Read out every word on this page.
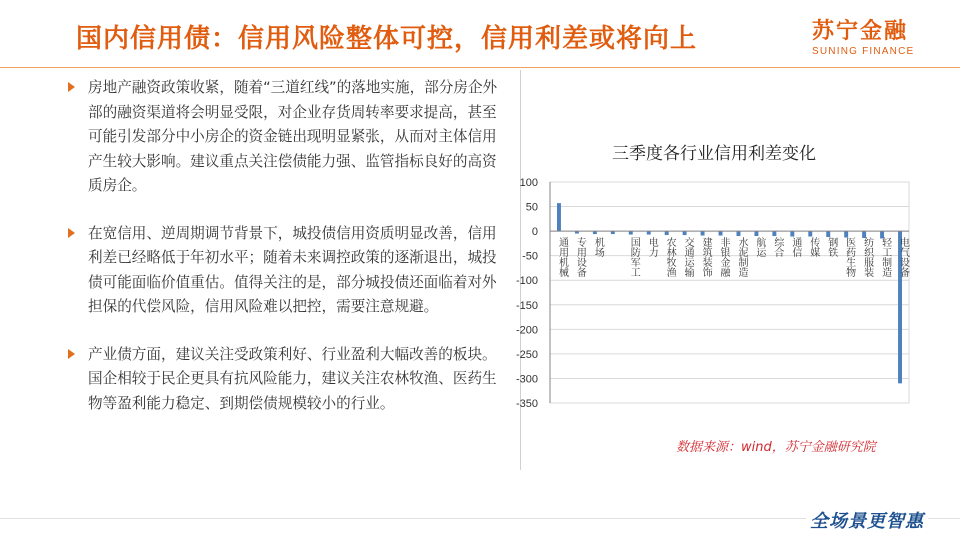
国内信用债：信用风险整体可控，信用利差或将向上	苏宁金融
SUNING FINANCE
房地产融资政策收紧，随着“三道红线”的落地实施，部分房企外部的融资渠道将会明显受限，对企业存货周转率要求提高，甚至可能引发部分中小房企的资金链出现明显紧张，从而对主体信用产生较大影响。建议重点关注偿债能力强、监管指标良好的高资质房企。
在宽信用、逆周期调节背景下，城投债信用资质明显改善，信用利差已经略低于年初水平；随着未来调控政策的逐渐退出，城投债可能面临价值重估。值得关注的是，部分城投债还面临着对外担保的代偿风险，信用风险难以把控，需要注意规避。
产业债方面，建议关注受政策利好、行业盈利大幅改善的板块。国企相较于民企更具有抗风险能力，建议关注农林牧渔、医药生物等盈利能力稳定、到期偿债规模较小的行业。
三季度各行业信用利差变化
100
50
0
-50
-100
-150
-200
-250
-300
-350
通用机械 专用设备 机场 国防军工 电力 农林牧渔 交通运输 建筑装饰 非银金融 水泥制造 航运 综合 通信 传媒 钢铁 医药生物 纺织服装 轻工制造 电气设备
数据来源：wind，苏宁金融研究院
全场景更智惠
